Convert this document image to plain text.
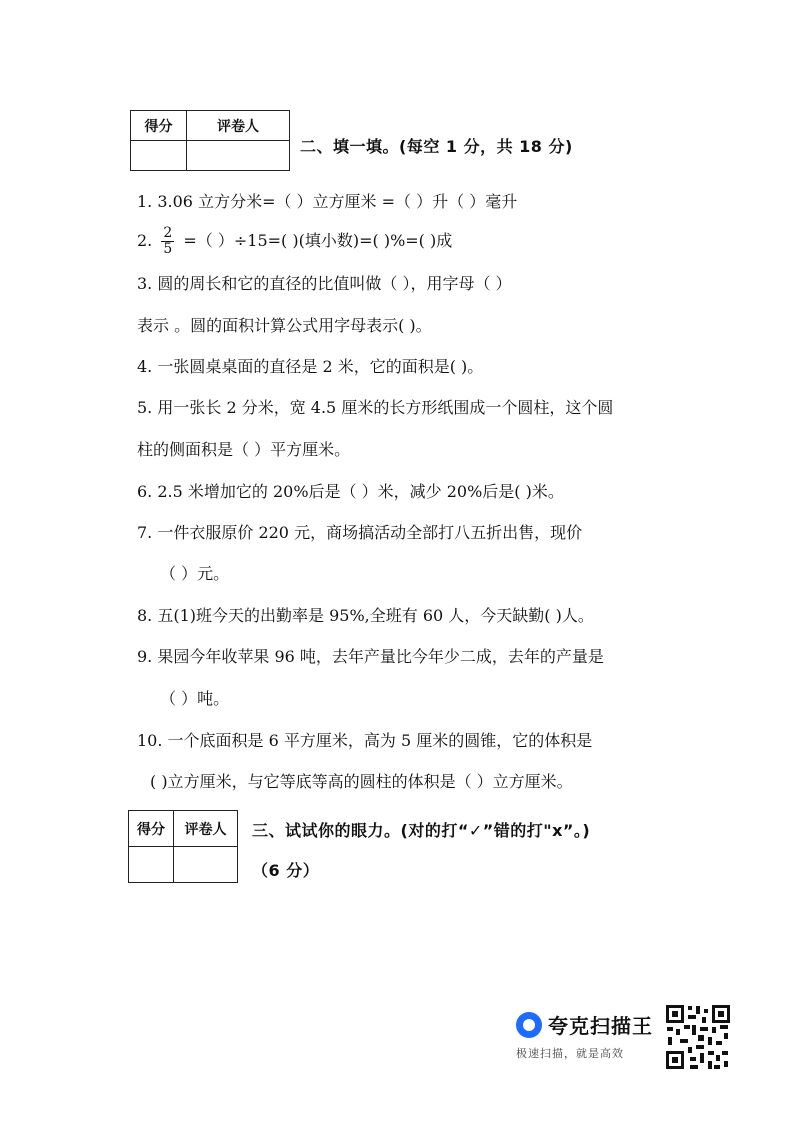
得分	评卷人

二、填一填。(每空 1 分，共 18 分)
1. 3.06 立方分米=（ ）立方厘米 =（ ）升（ ）毫升
2. $\frac{2}{5}$ =（ ）÷15=( )(填小数)=( )%=( )成
3. 圆的周长和它的直径的比值叫做（ ），用字母（ ）
表示 。圆的面积计算公式用字母表示( )。
4. 一张圆桌桌面的直径是 2 米，它的面积是( )。
5. 用一张长 2 分米，宽 4.5 厘米的长方形纸围成一个圆柱，这个圆
柱的侧面积是（ ）平方厘米。
6. 2.5 米增加它的 20%后是（ ）米，减少 20%后是( )米。
7. 一件衣服原价 220 元，商场搞活动全部打八五折出售，现价
（ ）元。
8. 五(1)班今天的出勤率是 95%,全班有 60 人，今天缺勤( )人。
9. 果园今年收苹果 96 吨，去年产量比今年少二成，去年的产量是
（ ）吨。
10. 一个底面积是 6 平方厘米，高为 5 厘米的圆锥，它的体积是
( )立方厘米，与它等底等高的圆柱的体积是（ ）立方厘米。
得分	评卷人
	三、试试你的眼力。(对的打“✓”错的打"x”。)
（6 分）
夸克扫描王
极速扫描，就是高效
